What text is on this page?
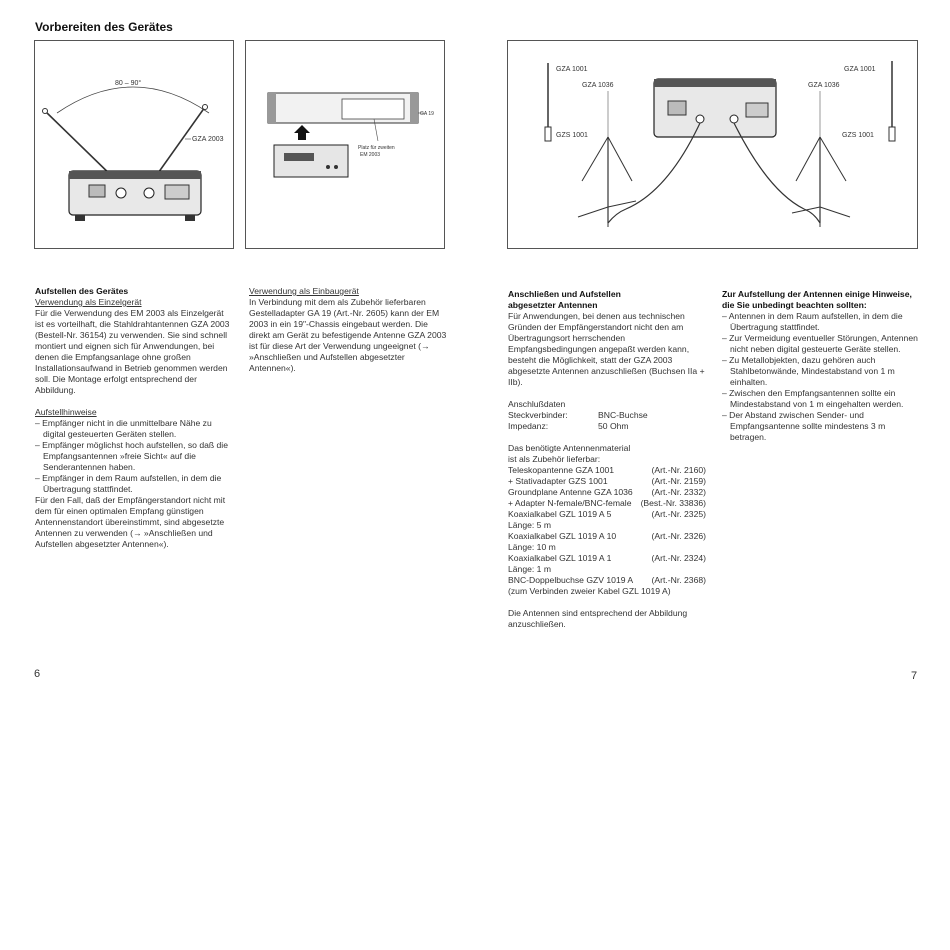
Vorbereiten des Gerätes
80 – 90°
GZA 2003
GA 19
Platz für zweiten
EM 2003
GZA 1001
GZS 1001
GZA 1001
GZS 1001
GZA 1036	GZA 1036

Aufstellen des Gerätes

Verwendung als Einzelgerät

Für die Verwendung des EM 2003 als Einzelgerät ist es vorteilhaft, die Stahldrahtantennen GZA 2003 (Bestell-Nr. 36154) zu verwenden. Sie sind schnell montiert und eignen sich für Anwendungen, bei denen die Empfangsanlage ohne großen Installationsaufwand in Betrieb genommen werden soll. Die Montage erfolgt entsprechend der Abbildung.

Aufstellhinweise

– Empfänger nicht in die unmittelbare Nähe zu digital gesteuerten Geräten stellen.
– Empfänger möglichst hoch aufstellen, so daß die Empfangsantennen »freie Sicht« auf die Senderantennen haben.
– Empfänger in dem Raum aufstellen, in dem die Übertragung stattfindet.

Für den Fall, daß der Empfängerstandort nicht mit dem für einen optimalen Empfang günstigen Antennenstandort übereinstimmt, sind abgesetzte Antennen zu verwenden (→ »Anschließen und Aufstellen abgesetzter Antennen«).

Verwendung als Einbaugerät

In Verbindung mit dem als Zubehör lieferbaren Gestelladapter GA 19 (Art.-Nr. 2605) kann der EM 2003 in ein 19"-Chassis eingebaut werden. Die direkt am Gerät zu befestigende Antenne GZA 2003 ist für diese Art der Verwendung ungeeignet (→ »Anschließen und Aufstellen abgesetzter Antennen«).

Anschließen und Aufstellen

abgesetzter Antennen

Für Anwendungen, bei denen aus technischen Gründen der Empfängerstandort nicht den am Übertragungsort herrschenden Empfangsbedingungen angepaßt werden kann, besteht die Möglichkeit, statt der GZA 2003 abgesetzte Antennen anzuschließen (Buchsen IIa + IIb).

Anschlußdaten

Steckverbinder:	BNC-Buchse
Impedanz:	50 Ohm

Das benötigte Antennenmaterial

ist als Zubehör lieferbar:

Teleskopantenne GZA 1001	(Art.-Nr. 2160)
+ Stativadapter GZS 1001	(Art.-Nr. 2159)
Groundplane Antenne GZA 1036	(Art.-Nr. 2332)
+ Adapter N-female/BNC-female	(Best.-Nr. 33836)
Koaxialkabel GZL 1019 A 5	(Art.-Nr. 2325)
Länge: 5 m
Koaxialkabel GZL 1019 A 10	(Art.-Nr. 2326)
Länge: 10 m
Koaxialkabel GZL 1019 A 1	(Art.-Nr. 2324)
Länge: 1 m
BNC-Doppelbuchse GZV 1019 A	(Art.-Nr. 2368)
(zum Verbinden zweier Kabel GZL 1019 A)

Die Antennen sind entsprechend der Abbildung anzuschließen.

Zur Aufstellung der Antennen einige Hinweise, die Sie unbedingt beachten sollten:

– Antennen in dem Raum aufstellen, in dem die Übertragung stattfindet.
– Zur Vermeidung eventueller Störungen, Antennen nicht neben digital gesteuerte Geräte stellen.
– Zu Metallobjekten, dazu gehören auch Stahlbetonwände, Mindestabstand von 1 m einhalten.
– Zwischen den Empfangsantennen sollte ein Mindestabstand von 1 m eingehalten werden.
– Der Abstand zwischen Sender- und Empfangsantenne sollte mindestens 3 m betragen.
6	7
